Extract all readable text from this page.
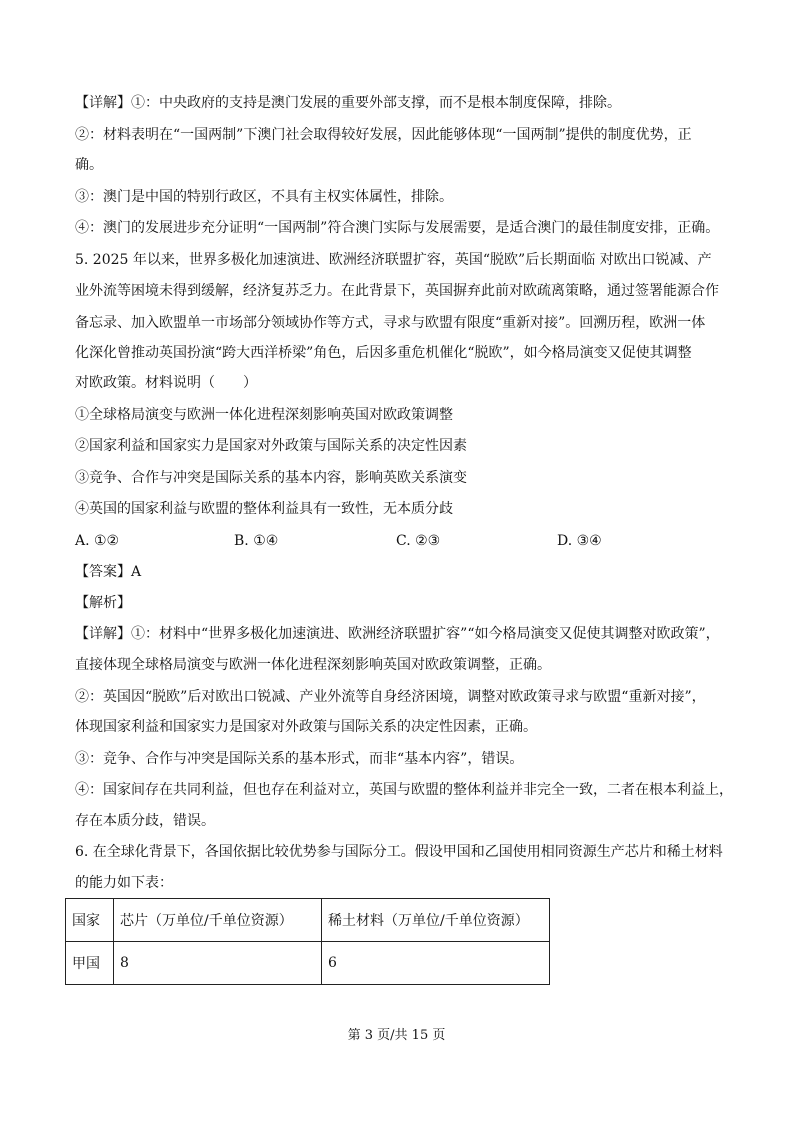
【详解】①：中央政府的支持是澳门发展的重要外部支撑，而不是根本制度保障，排除。
②：材料表明在“一国两制”下澳门社会取得较好发展，因此能够体现“一国两制”提供的制度优势，正
确。
③：澳门是中国的特别行政区，不具有主权实体属性，排除。
④：澳门的发展进步充分证明“一国两制”符合澳门实际与发展需要，是适合澳门的最佳制度安排，正确。
5. 2025 年以来，世界多极化加速演进、欧洲经济联盟扩容，英国“脱欧”后长期面临 对欧出口锐减、产
业外流等困境未得到缓解，经济复苏乏力。在此背景下，英国摒弃此前对欧疏离策略，通过签署能源合作
备忘录、加入欧盟单一市场部分领域协作等方式，寻求与欧盟有限度“重新对接”。回溯历程，欧洲一体
化深化曾推动英国扮演“跨大西洋桥梁”角色，后因多重危机催化“脱欧”，如今格局演变又促使其调整
对欧政策。材料说明（　　）
①全球格局演变与欧洲一体化进程深刻影响英国对欧政策调整
②国家利益和国家实力是国家对外政策与国际关系的决定性因素
③竞争、合作与冲突是国际关系的基本内容，影响英欧关系演变
④英国的国家利益与欧盟的整体利益具有一致性，无本质分歧
A. ①②	B. ①④	C. ②③	D. ③④
【答案】A
【解析】
【详解】①：材料中“世界多极化加速演进、欧洲经济联盟扩容”“如今格局演变又促使其调整对欧政策”，
直接体现全球格局演变与欧洲一体化进程深刻影响英国对欧政策调整，正确。
②：英国因“脱欧”后对欧出口锐减、产业外流等自身经济困境，调整对欧政策寻求与欧盟“重新对接”，
体现国家利益和国家实力是国家对外政策与国际关系的决定性因素，正确。
③：竞争、合作与冲突是国际关系的基本形式，而非“基本内容”，错误。
④：国家间存在共同利益，但也存在利益对立，英国与欧盟的整体利益并非完全一致，二者在根本利益上，
存在本质分歧，错误。
6. 在全球化背景下，各国依据比较优势参与国际分工。假设甲国和乙国使用相同资源生产芯片和稀土材料
的能力如下表：
国家	芯片（万单位/千单位资源）	稀土材料（万单位/千单位资源）
甲国	8	6
第 3 页/共 15 页
